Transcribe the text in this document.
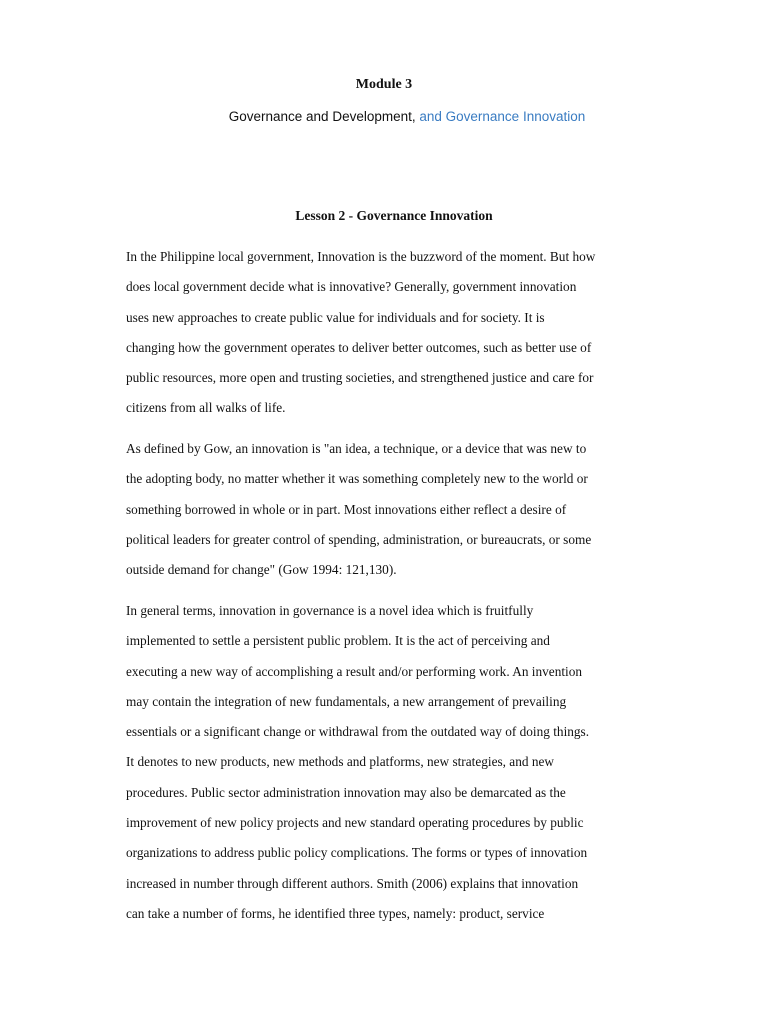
Module 3
Governance and Development, and Governance Innovation
Lesson 2 - Governance Innovation
In the Philippine local government, Innovation is the buzzword of the moment. But how
does local government decide what is innovative? Generally, government innovation
uses new approaches to create public value for individuals and for society. It is
changing how the government operates to deliver better outcomes, such as better use of
public resources, more open and trusting societies, and strengthened justice and care for
citizens from all walks of life.
As defined by Gow, an innovation is "an idea, a technique, or a device that was new to
the adopting body, no matter whether it was something completely new to the world or
something borrowed in whole or in part. Most innovations either reflect a desire of
political leaders for greater control of spending, administration, or bureaucrats, or some
outside demand for change" (Gow 1994: 121,130).
In general terms, innovation in governance is a novel idea which is fruitfully
implemented to settle a persistent public problem. It is the act of perceiving and
executing a new way of accomplishing a result and/or performing work. An invention
may contain the integration of new fundamentals, a new arrangement of prevailing
essentials or a significant change or withdrawal from the outdated way of doing things.
It denotes to new products, new methods and platforms, new strategies, and new
procedures. Public sector administration innovation may also be demarcated as the
improvement of new policy projects and new standard operating procedures by public
organizations to address public policy complications. The forms or types of innovation
increased in number through different authors. Smith (2006) explains that innovation
can take a number of forms, he identified three types, namely: product, service
